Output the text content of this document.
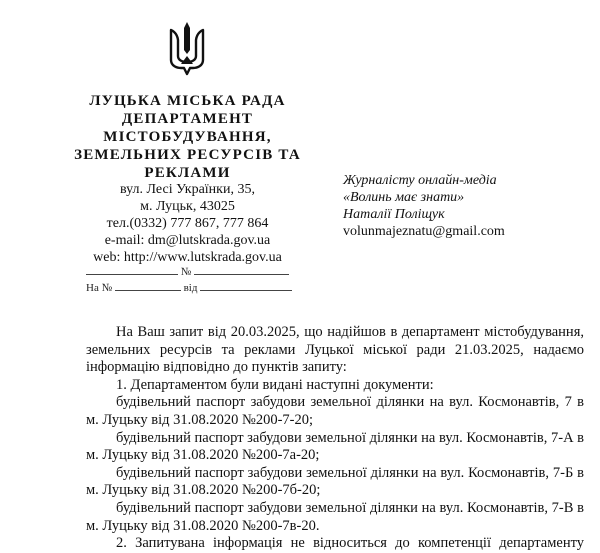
ЛУЦЬКА МІСЬКА РАДА
ДЕПАРТАМЕНТ
МІСТОБУДУВАННЯ,
ЗЕМЕЛЬНИХ РЕСУРСІВ ТА
РЕКЛАМИ
вул. Лесі Українки, 35,
м. Луцьк, 43025
тел.(0332) 777 867, 777 864
e-mail: dm@lutskrada.gov.ua
web: http://www.lutskrada.gov.ua
№
На №	від
Журналісту онлайн-медіа
«Волинь має знати»
Наталії Поліщук
volunmajeznatu@gmail.com

На Ваш запит від 20.03.2025, що надійшов в департамент містобудування, земельних ресурсів та реклами Луцької міської ради 21.03.2025, надаємо інформацію відповідно до пунктів запиту:

1. Департаментом були видані наступні документи:

будівельний паспорт забудови земельної ділянки на вул. Космонавтів, 7 в м. Луцьку від 31.08.2020 №200-7-20;

будівельний паспорт забудови земельної ділянки на вул. Космонавтів, 7-А в м. Луцьку від 31.08.2020 №200-7а-20;

будівельний паспорт забудови земельної ділянки на вул. Космонавтів, 7-Б в м. Луцьку від 31.08.2020 №200-7б-20;

будівельний паспорт забудови земельної ділянки на вул. Космонавтів, 7-В в м. Луцьку від 31.08.2020 №200-7в-20.

2. Запитувана інформація не відноситься до компетенції департаменту
